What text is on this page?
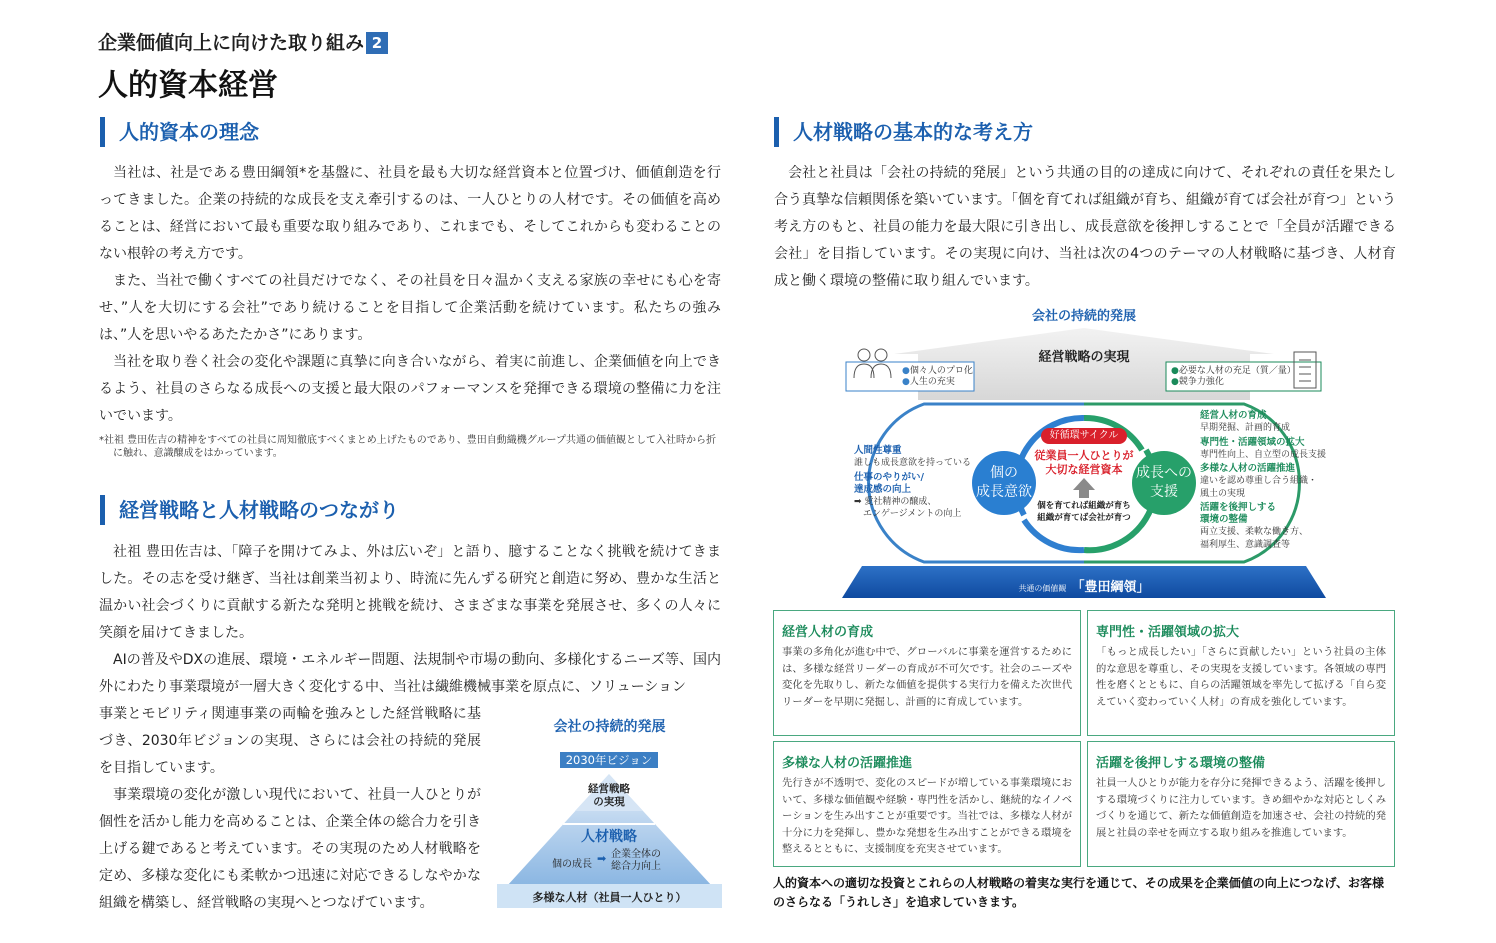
企業価値向上に向けた取り組み 2
人的資本経営
人的資本の理念

当社は、社是である豊田綱領*を基盤に、社員を最も大切な経営資本と位置づけ、価値創造を行ってきました。企業の持続的な成長を支え牽引するのは、一人ひとりの人材です。その価値を高めることは、経営において最も重要な取り組みであり、これまでも、そしてこれからも変わることのない根幹の考え方です。

また、当社で働くすべての社員だけでなく、その社員を日々温かく支える家族の幸せにも心を寄せ、”人を大切にする会社”であり続けることを目指して企業活動を続けています。私たちの強みは、”人を思いやるあたたかさ”にあります。

当社を取り巻く社会の変化や課題に真摯に向き合いながら、着実に前進し、企業価値を向上できるよう、社員のさらなる成長への支援と最大限のパフォーマンスを発揮できる環境の整備に力を注いでいます。

*社祖 豊田佐吉の精神をすべての社員に周知徹底すべくまとめ上げたものであり、豊田自動織機グループ共通の価値観として入社時から折に触れ、意識醸成をはかっています。
経営戦略と人材戦略のつながり

社祖 豊田佐吉は、「障子を開けてみよ、外は広いぞ」と語り、臆することなく挑戦を続けてきました。その志を受け継ぎ、当社は創業当初より、時流に先んずる研究と創造に努め、豊かな生活と温かい社会づくりに貢献する新たな発明と挑戦を続け、さまざまな事業を発展させ、多くの人々に笑顔を届けてきました。

AIの普及やDXの進展、環境・エネルギー問題、法規制や市場の動向、多様化するニーズ等、国内外にわたり事業環境が一層大きく変化する中、当社は繊維機械事業を原点に、ソリューション

事業とモビリティ関連事業の両輪を強みとした経営戦略に基づき、2030年ビジョンの実現、さらには会社の持続的発展を目指しています。

事業環境の変化が激しい現代において、社員一人ひとりが個性を活かし能力を高めることは、企業全体の総合力を引き上げる鍵であると考えています。その実現のため人材戦略を定め、多様な変化にも柔軟かつ迅速に対応できるしなやかな組織を構築し、経営戦略の実現へとつなげています。

会社の持続的発展
2030年ビジョン
経営戦略
の実現
人材戦略
個の成長 ➡ 企業全体の
総合力向上
多様な人材（社員一人ひとり）
人材戦略の基本的な考え方

会社と社員は「会社の持続的発展」という共通の目的の達成に向けて、それぞれの責任を果たし合う真摯な信頼関係を築いています。「個を育てれば組織が育ち、組織が育てば会社が育つ」という考え方のもと、社員の能力を最大限に引き出し、成長意欲を後押しすることで「全員が活躍できる会社」を目指しています。その実現に向け、当社は次の4つのテーマの人材戦略に基づき、人材育成と働く環境の整備に取り組んでいます。

会社の持続的発展
経営戦略の実現
●個々人のプロ化
●人生の充実
●必要な人材の充足（質／量）
●競争力強化
人間性尊重
誰しも成長意欲を持っている
仕事のやりがい/
達成感の向上
➡ 愛社精神の醸成、
エンゲージメントの向上
経営人材の育成
早期発掘、計画的育成
専門性・活躍領域の拡大
専門性向上、自立型の成長支援
多様な人材の活躍推進
違いを認め尊重し合う組織・
風土の実現
活躍を後押しする
環境の整備
両立支援、柔軟な働き方、
福利厚生、意識調査等
個の
成長意欲
成長への
支援
好循環サイクル
従業員一人ひとりが
大切な経営資本
個を育てれば組織が育ち
組織が育てば会社が育つ
共通の価値観 「豊田綱領」
経営人材の育成

事業の多角化が進む中で、グローバルに事業を運営するためには、多様な経営リーダーの育成が不可欠です。社会のニーズや変化を先取りし、新たな価値を提供する実行力を備えた次世代リーダーを早期に発掘し、計画的に育成しています。

専門性・活躍領域の拡大

「もっと成長したい」「さらに貢献したい」という社員の主体的な意思を尊重し、その実現を支援しています。各領域の専門性を磨くとともに、自らの活躍領域を率先して拡げる「自ら変えていく変わっていく人材」の育成を強化しています。

多様な人材の活躍推進

先行きが不透明で、変化のスピードが増している事業環境において、多様な価値観や経験・専門性を活かし、継続的なイノベーションを生み出すことが重要です。当社では、多様な人材が十分に力を発揮し、豊かな発想を生み出すことができる環境を整えるとともに、支援制度を充実させています。

活躍を後押しする環境の整備

社員一人ひとりが能力を存分に発揮できるよう、活躍を後押しする環境づくりに注力しています。きめ細やかな対応としくみづくりを通じて、新たな価値創造を加速させ、会社の持続的発展と社員の幸せを両立する取り組みを推進しています。

人的資本への適切な投資とこれらの人材戦略の着実な実行を通じて、その成果を企業価値の向上につなげ、お客様のさらなる「うれしさ」を追求していきます。
